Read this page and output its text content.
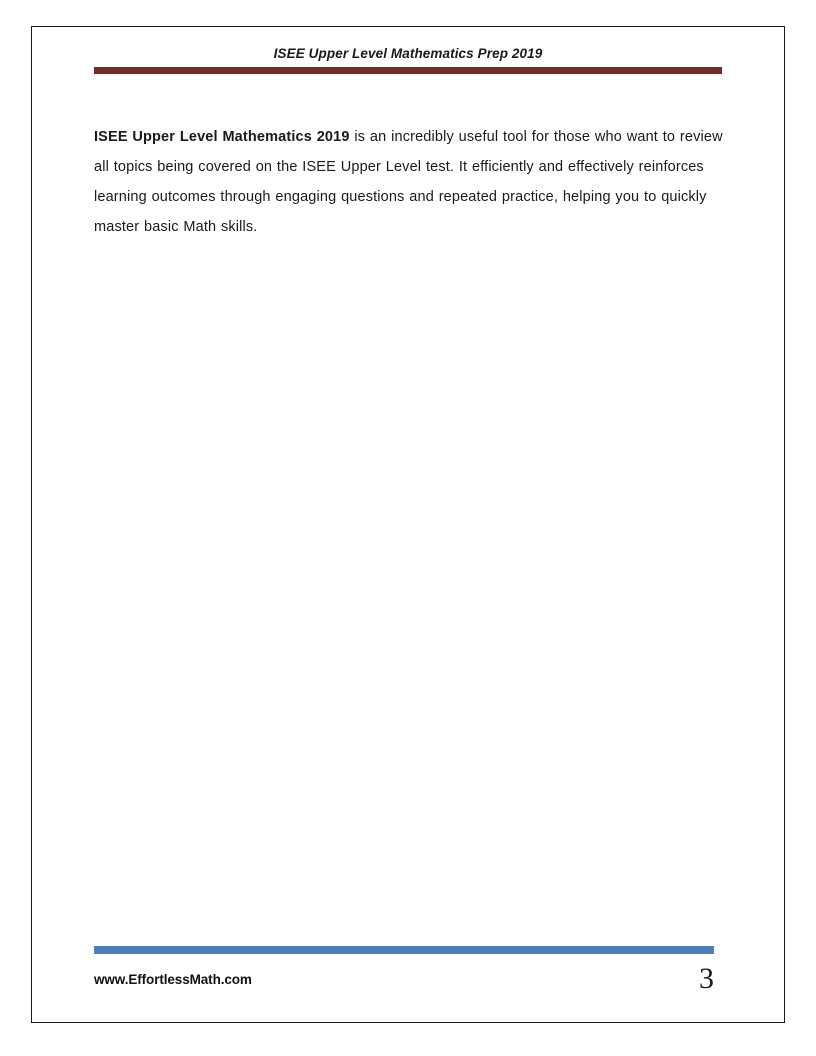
ISEE Upper Level Mathematics Prep 2019
ISEE Upper Level Mathematics 2019 is an incredibly useful tool for those who want to review all topics being covered on the ISEE Upper Level test. It efficiently and effectively reinforces learning outcomes through engaging questions and repeated practice, helping you to quickly master basic Math skills.
www.EffortlessMath.com	3
